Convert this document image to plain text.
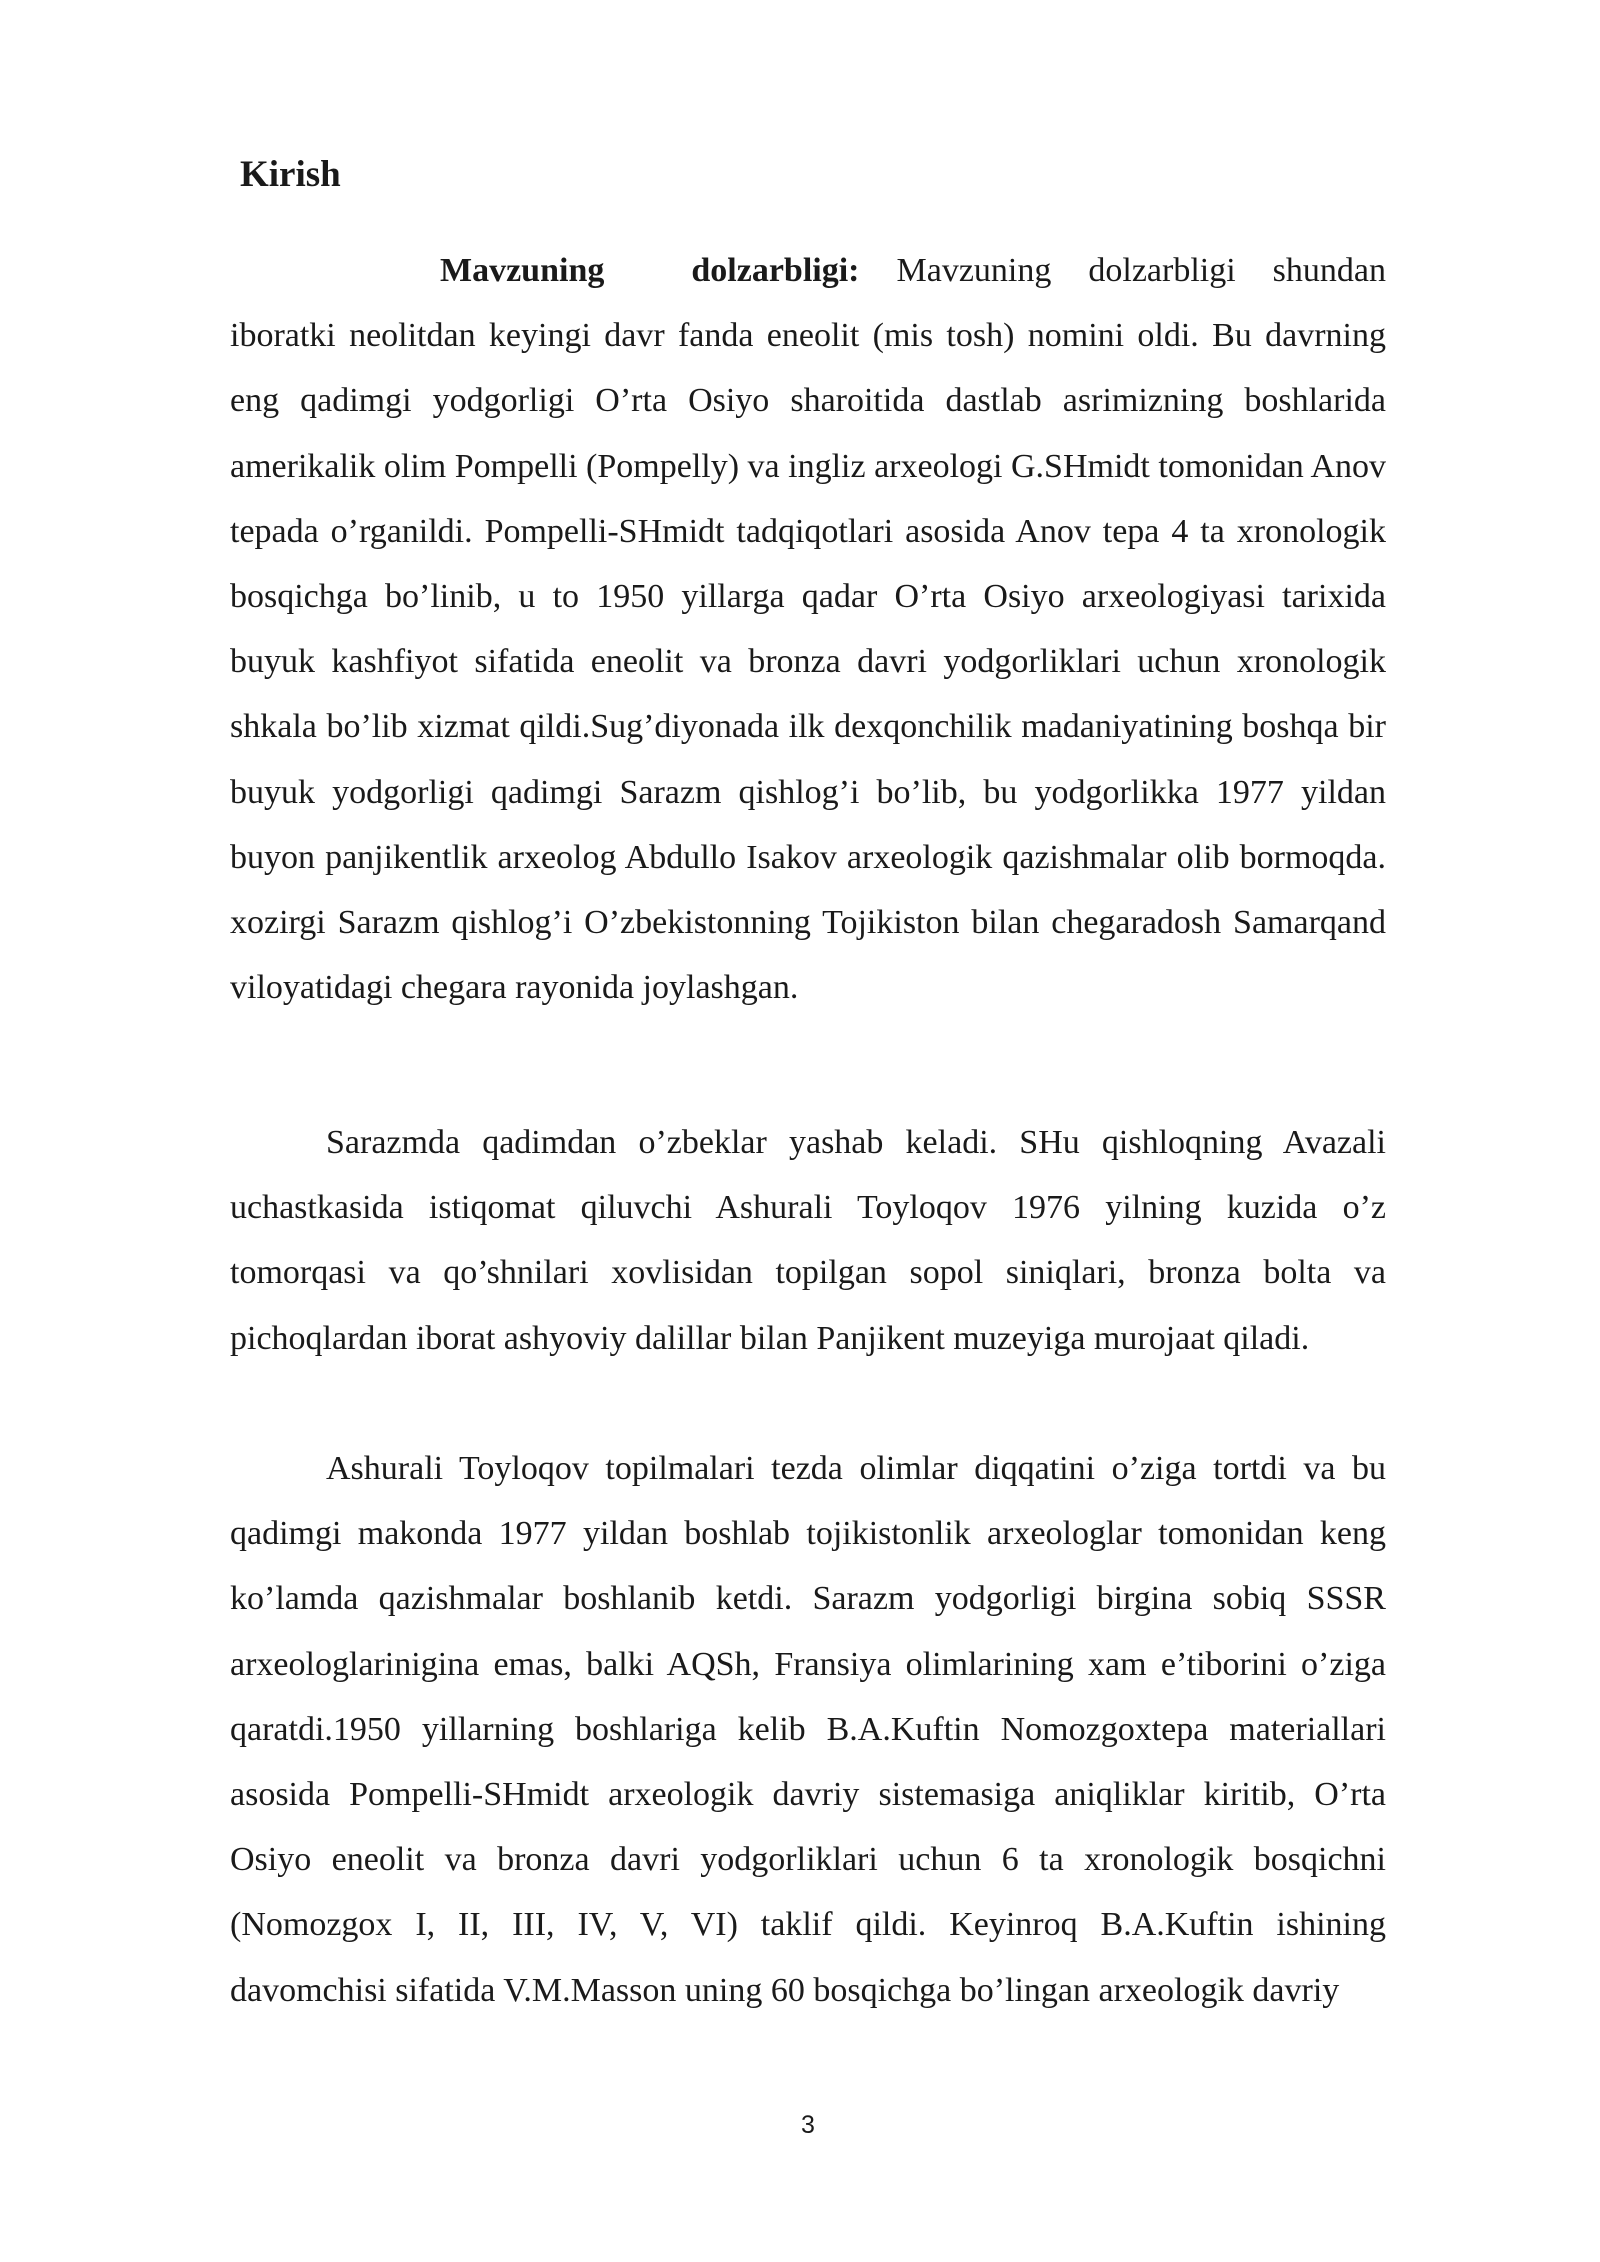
Kirish

Mavzuning dolzarbligi: Mavzuning dolzarbligi shundan iboratki neolitdan keyingi davr fanda eneolit (mis tosh) nomini oldi. Bu davrning eng qadimgi yodgorligi O’rta Osiyo sharoitida dastlab asrimizning boshlarida amerikalik olim Pompelli (Pompelly) va ingliz arxeologi G.SHmidt tomonidan Anov tepada o’rganildi. Pompelli-SHmidt tadqiqotlari asosida Anov tepa 4 ta xronologik bosqichga bo’linib, u to 1950 yillarga qadar O’rta Osiyo arxeologiyasi tarixida buyuk kashfiyot sifatida eneolit va bronza davri yodgorliklari uchun xronologik shkala bo’lib xizmat qildi.Sug’diyonada ilk dexqonchilik madaniyatining boshqa bir buyuk yodgorligi qadimgi Sarazm qishlog’i bo’lib, bu yodgorlikka 1977 yildan buyon panjikentlik arxeolog Abdullo Isakov arxeologik qazishmalar olib bormoqda. xozirgi Sarazm qishlog’i O’zbekistonning Tojikiston bilan chegaradosh Samarqand viloyatidagi chegara rayonida joylashgan.

Sarazmda qadimdan o’zbeklar yashab keladi. SHu qishloqning Avazali uchastkasida istiqomat qiluvchi Ashurali Toyloqov 1976 yilning kuzida o’z tomorqasi va qo’shnilari xovlisidan topilgan sopol siniqlari, bronza bolta va pichoqlardan iborat ashyoviy dalillar bilan Panjikent muzeyiga murojaat qiladi.

Ashurali Toyloqov topilmalari tezda olimlar diqqatini o’ziga tortdi va bu qadimgi makonda 1977 yildan boshlab tojikistonlik arxeologlar tomonidan keng ko’lamda qazishmalar boshlanib ketdi. Sarazm yodgorligi birgina sobiq SSSR arxeologlarinigina emas, balki AQSh, Fransiya olimlarining xam e’tiborini o’ziga qaratdi.1950 yillarning boshlariga kelib B.A.Kuftin Nomozgoxtepa materiallari asosida Pompelli-SHmidt arxeologik davriy sistemasiga aniqliklar kiritib, O’rta Osiyo eneolit va bronza davri yodgorliklari uchun 6 ta xronologik bosqichni (Nomozgox I, II, III, IV, V, VI) taklif qildi. Keyinroq B.A.Kuftin ishining davomchisi sifatida V.M.Masson uning 60 bosqichga bo’lingan arxeologik davriy

3
